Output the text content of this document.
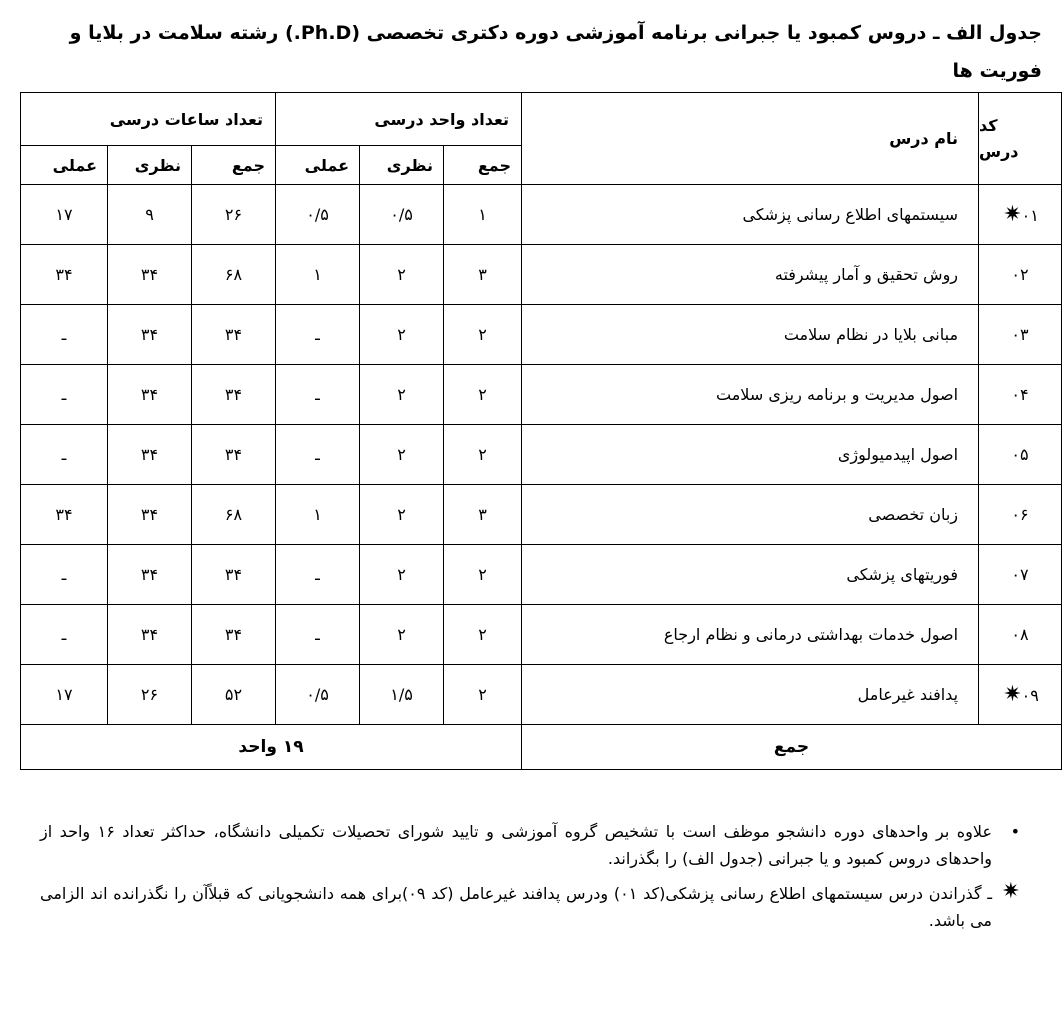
جدول الف ـ دروس كمبود یا جبرانی برنامه آموزشی دوره دكتری تخصصی (Ph.D.) رشته سلامت در بلایا و فوریت ها
كد
درس	نام درس	تعداد واحد درسی			تعداد ساعات درسی		
		جمع	نظری	عملی	جمع	نظری	عملی
۰۱✷	سیستمهای اطلاع رسانی پزشكی	۱	۰/۵	۰/۵	۲۶	۹	۱۷
۰۲	روش تحقیق و آمار پیشرفته	۳	۲	۱	۶۸	۳۴	۳۴
۰۳	مبانی بلایا در نظام سلامت	۲	۲	ـ	۳۴	۳۴	ـ
۰۴	اصول مدیریت و برنامه ریزی سلامت	۲	۲	ـ	۳۴	۳۴	ـ
۰۵	اصول اپیدمیولوژی	۲	۲	ـ	۳۴	۳۴	ـ
۰۶	زبان تخصصی	۳	۲	۱	۶۸	۳۴	۳۴
۰۷	فوریتهای پزشكی	۲	۲	ـ	۳۴	۳۴	ـ
۰۸	اصول خدمات بهداشتی درمانی و نظام ارجاع	۲	۲	ـ	۳۴	۳۴	ـ
۰۹✷	پدافند غیرعامل	۲	۱/۵	۰/۵	۵۲	۲۶	۱۷
جمع		۱۹ واحد					

•
علاوه بر واحدهای دوره دانشجو موظف است با تشخیص گروه آموزشی و تایید شورای تحصیلات تكمیلی دانشگاه، حداكثر تعداد ۱۶ واحد از واحدهای دروس كمبود و یا جبرانی (جدول الف) را بگذراند.

✷
ـ گذراندن درس سیستمهای اطلاع رسانی پزشكی(كد ۰۱) ودرس پدافند غیرعامل (كد ۰۹)برای همه دانشجویانی كه قبلاًآن را نگذرانده اند الزامی می باشد.
